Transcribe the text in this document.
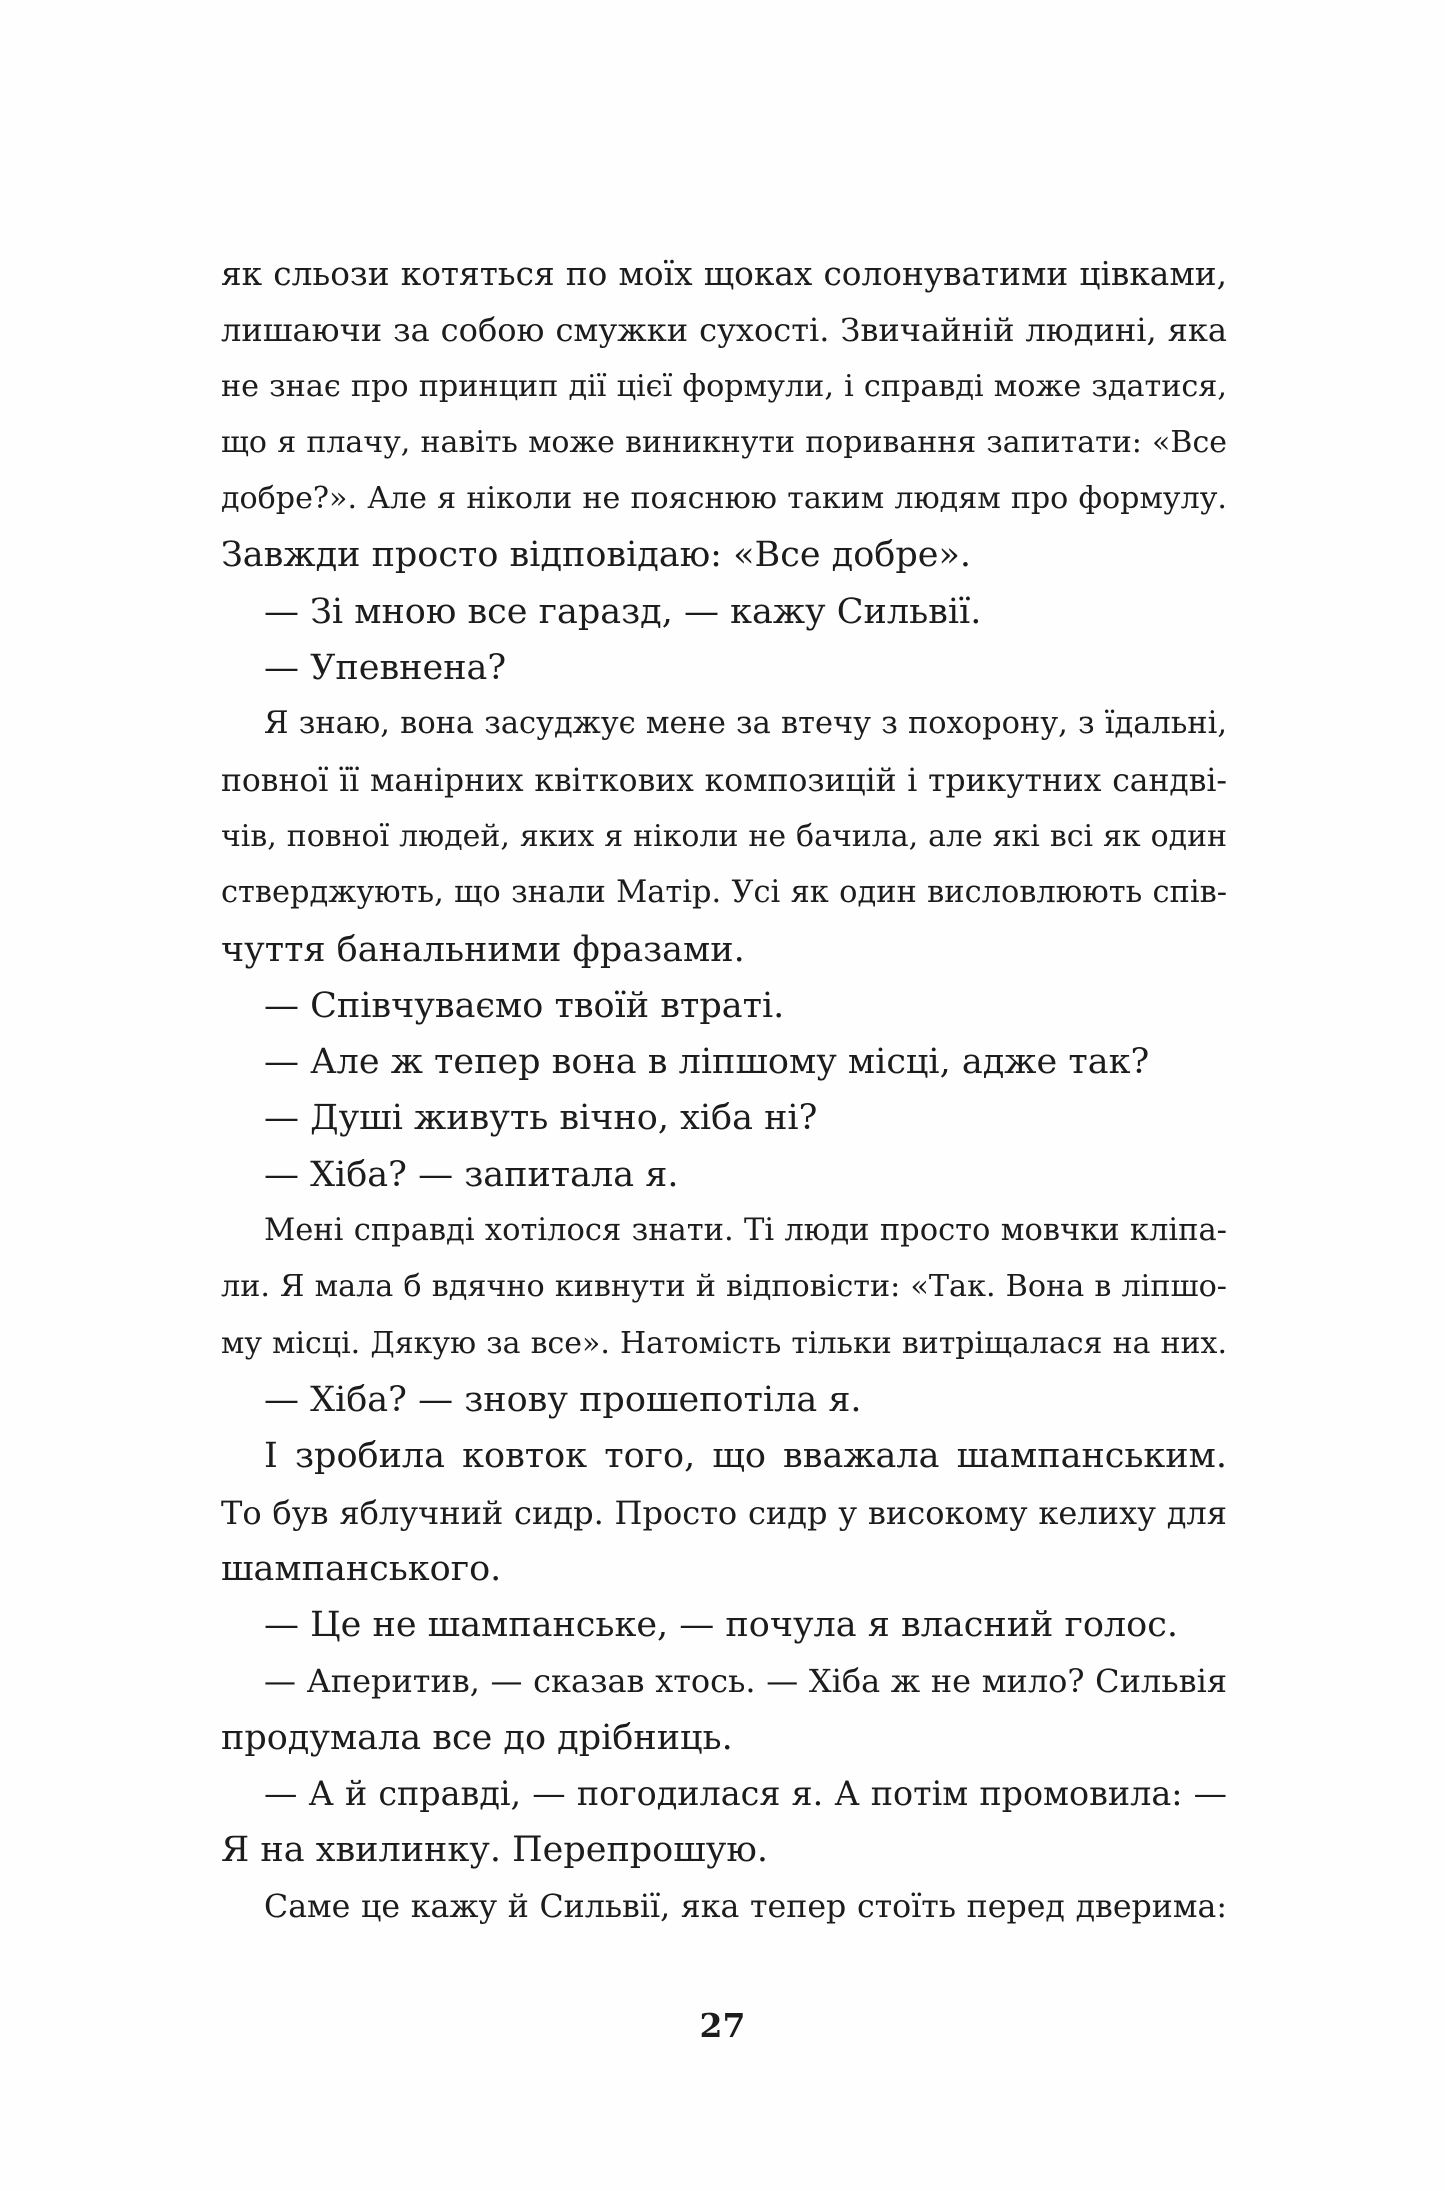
як сльози котяться по моїх щоках солонуватими цівками,
лишаючи за собою смужки сухості. Звичайній людині, яка
не знає про принцип дії цієї формули, і справді може здатися,
що я плачу, навіть може виникнути поривання запитати: «Все
добре?». Але я ніколи не пояснюю таким людям про формулу.
Завжди просто відповідаю: «Все добре».
— Зі мною все гаразд, — кажу Сильвії.
— Упевнена?
Я знаю, вона засуджує мене за втечу з похорону, з їдальні,
повної її манірних квіткових композицій і трикутних сандві-
чів, повної людей, яких я ніколи не бачила, але які всі як один
стверджують, що знали Матір. Усі як один висловлюють спів-
чуття банальними фразами.
— Співчуваємо твоїй втраті.
— Але ж тепер вона в ліпшому місці, адже так?
— Душі живуть вічно, хіба ні?
— Хіба? — запитала я.
Мені справді хотілося знати. Ті люди просто мовчки кліпа-
ли. Я мала б вдячно кивнути й відповісти: «Так. Вона в ліпшо-
му місці. Дякую за все». Натомість тільки витріщалася на них.
— Хіба? — знову прошепотіла я.
І зробила ковток того, що вважала шампанським.
То був яблучний сидр. Просто сидр у високому келиху для
шампанського.
— Це не шампанське, — почула я власний голос.
— Аперитив, — сказав хтось. — Хіба ж не мило? Сильвія
продумала все до дрібниць.
— А й справді, — погодилася я. А потім промовила: —
Я на хвилинку. Перепрошую.
Саме це кажу й Сильвії, яка тепер стоїть перед дверима:
27
